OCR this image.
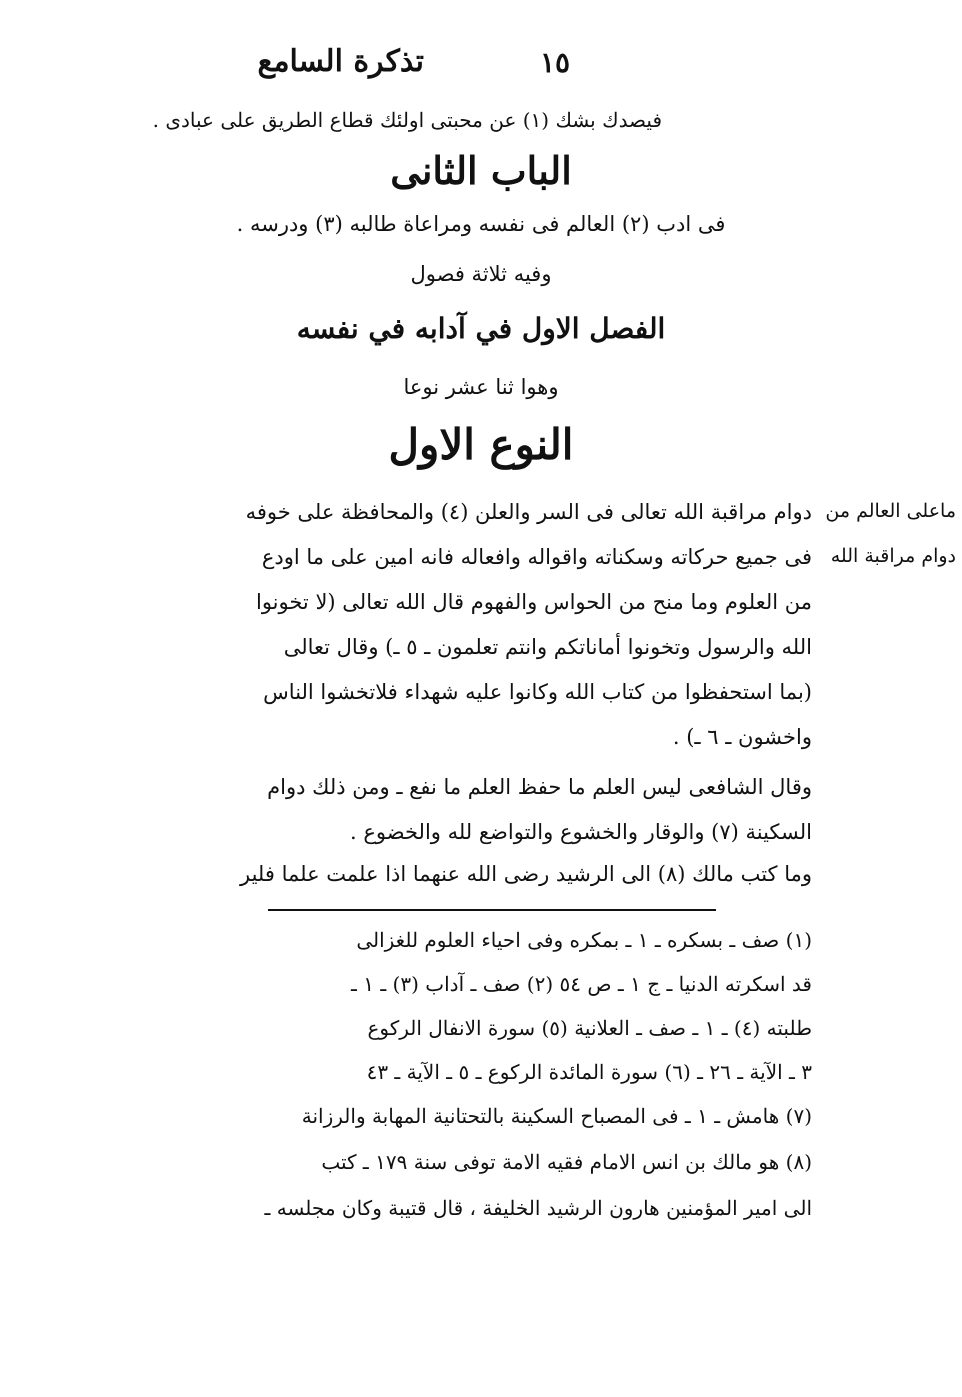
تذكرة السامع	١٥
فيصدك بشك (١) عن محبتى اولئك قطاع الطريق على عبادى .
الباب الثانى
فى ادب (٢) العالم فى نفسه ومراعاة طالبه (٣) ودرسه .
وفيه ثلاثة فصول
الفصل الاول في آدابه في نفسه
وهوا ثنا عشر نوعا
النوع الاول
ماعلى العالم من
دوام مراقبة الله
دوام مراقبة الله تعالى فى السر والعلن (٤) والمحافظة على خوفه
فى جميع حركاته وسكناته واقواله وافعاله فانه امين على ما اودع
من العلوم وما منح من الحواس والفهوم قال الله تعالى (لا تخونوا
الله والرسول وتخونوا أماناتكم وانتم تعلمون ـ ٥ ـ) وقال تعالى
(بما استحفظوا من كتاب الله وكانوا عليه شهداء فلاتخشوا الناس
واخشون ـ ٦ ـ) .
وقال الشافعى ليس العلم ما حفظ العلم ما نفع ـ ومن ذلك دوام
السكينة (٧) والوقار والخشوع والتواضع لله والخضوع .
وما كتب مالك (٨) الى الرشيد رضى الله عنهما اذا علمت علما فلير
(١) صف ـ بسكره ـ ١ ـ بمكره وفى احياء العلوم للغزالى
قد اسكرته الدنيا ـ ج ١ ـ ص ٥٤ (٢) صف ـ آداب (٣) ـ ١ ـ
طلبته (٤) ـ ١ ـ صف ـ العلانية (٥) سورة الانفال الركوع
٣ ـ الآية ـ ٢٦ ـ (٦) سورة المائدة الركوع ـ ٥ ـ الآية ـ ٤٣
(٧) هامش ـ ١ ـ فى المصباح السكينة بالتحتانية المهابة والرزانة
(٨) هو مالك بن انس الامام فقيه الامة توفى سنة ١٧٩ ـ كتب
الى امير المؤمنين هارون الرشيد الخليفة ، قال قتيبة وكان مجلسه ـ
